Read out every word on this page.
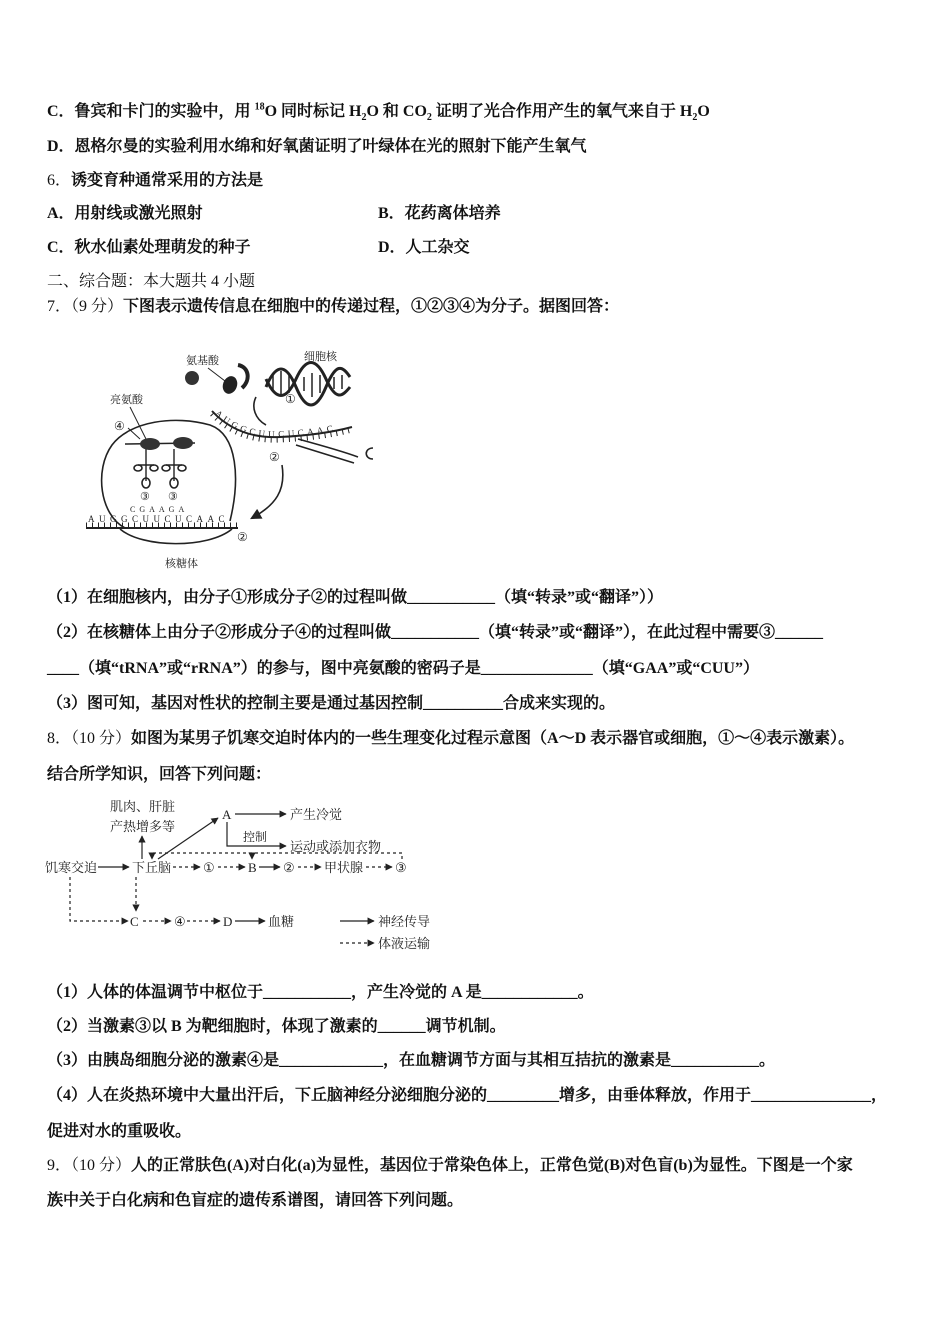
C．鲁宾和卡门的实验中，用 $^{18}$O 同时标记 $H_2O$ 和 $CO_2$ 证明了光合作用产生的氧气来自于 $H_2O$
D．恩格尔曼的实验利用水绵和好氧菌证明了叶绿体在光的照射下能产生氧气
6．诱变育种通常采用的方法是
A．用射线或激光照射	B．花药离体培养
C．秋水仙素处理萌发的种子	D．人工杂交
二、综合题：本大题共 4 小题
7．（9 分）下图表示遗传信息在细胞中的传递过程，①②③④为分子。据图回答：
氨基酸	细胞核
亮氨酸	①
④
②
③ ③
CGAAGA
AUGGCUUCUCAAC
AUGGCUUCUCAAC
②
核糖体
（1）在细胞核内，由分子①形成分子②的过程叫做___________（填“转录”或“翻译”））
（2）在核糖体上由分子②形成分子④的过程叫做___________（填“转录”或“翻译”），在此过程中需要③______
____（填“tRNA”或“rRNA”）的参与，图中亮氨酸的密码子是______________（填“GAA”或“CUU”）
（3）图可知，基因对性状的控制主要是通过基因控制__________合成来实现的。
8．（10 分）如图为某男子饥寒交迫时体内的一些生理变化过程示意图（A～D 表示器官或细胞，①～④表示激素）。
结合所学知识，回答下列问题：
肌肉、肝脏
产热增多等
A	产生冷觉
控制
运动或添加衣物
饥寒交迫	下丘脑 ①	B ② 甲状腺 ③
C	④	D	血糖	神经传导
体液运输
（1）人体的体温调节中枢位于___________，产生冷觉的 A 是____________。
（2）当激素③以 B 为靶细胞时，体现了激素的______调节机制。
（3）由胰岛细胞分泌的激素④是_____________，在血糖调节方面与其相互拮抗的激素是___________。
（4）人在炎热环境中大量出汗后，下丘脑神经分泌细胞分泌的_________增多，由垂体释放，作用于_______________，
促进对水的重吸收。
9．（10 分）人的正常肤色(A)对白化(a)为显性，基因位于常染色体上，正常色觉(B)对色盲(b)为显性。下图是一个家
族中关于白化病和色盲症的遗传系谱图，请回答下列问题。
